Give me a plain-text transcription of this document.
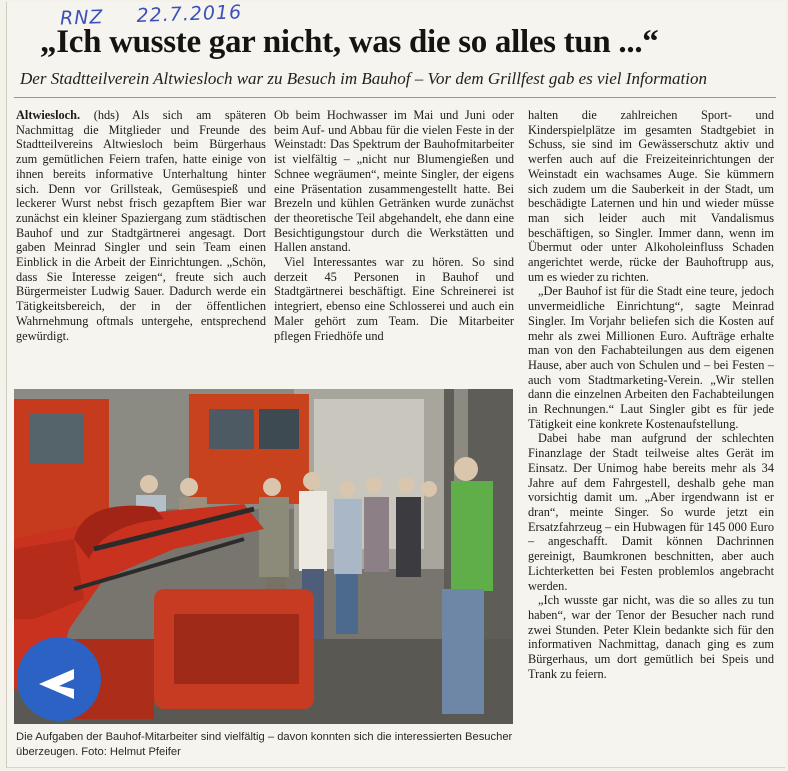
RNZ 22.7.2016
„Ich wusste gar nicht, was die so alles tun ...“
Der Stadtteilverein Altwiesloch war zu Besuch im Bauhof – Vor dem Grillfest gab es viel Information

Altwiesloch. (hds) Als sich am späteren Nachmittag die Mitglieder und Freunde des Stadtteilvereins Altwiesloch beim Bürgerhaus zum gemütlichen Feiern trafen, hatte einige von ihnen bereits informative Unterhaltung hinter sich. Denn vor Grillsteak, Gemüsespieß und leckerer Wurst nebst frisch gezapftem Bier war zunächst ein kleiner Spaziergang zum städtischen Bauhof und zur Stadtgärtnerei angesagt. Dort gaben Meinrad Singler und sein Team einen Einblick in die Arbeit der Einrichtungen. „Schön, dass Sie Interesse zeigen“, freute sich auch Bürgermeister Ludwig Sauer. Dadurch werde ein Tätigkeitsbereich, der in der öffentlichen Wahrnehmung oftmals untergehe, entsprechend gewürdigt.

Ob beim Hochwasser im Mai und Juni oder beim Auf- und Abbau für die vielen Feste in der Weinstadt: Das Spektrum der Bauhofmitarbeiter ist vielfältig – „nicht nur Blumengießen und Schnee wegräumen“, meinte Singler, der eigens eine Präsentation zusammengestellt hatte. Bei Brezeln und kühlen Getränken wurde zunächst der theoretische Teil abgehandelt, ehe dann eine Besichtigungstour durch die Werkstätten und Hallen anstand.

Viel Interessantes war zu hören. So sind derzeit 45 Personen in Bauhof und Stadtgärtnerei beschäftigt. Eine Schreinerei ist integriert, ebenso eine Schlosserei und auch ein Maler gehört zum Team. Die Mitarbeiter pflegen Friedhöfe und

halten die zahlreichen Sport- und Kinderspielplätze im gesamten Stadtgebiet in Schuss, sie sind im Gewässerschutz aktiv und werfen auch auf die Freizeiteinrichtungen der Weinstadt ein wachsames Auge. Sie kümmern sich zudem um die Sauberkeit in der Stadt, um beschädigte Laternen und hin und wieder müsse man sich leider auch mit Vandalismus beschäftigen, so Singler. Immer dann, wenn im Übermut oder unter Alkoholeinfluss Schaden angerichtet werde, rücke der Bauhoftrupp aus, um es wieder zu richten.

„Der Bauhof ist für die Stadt eine teure, jedoch unvermeidliche Einrichtung“, sagte Meinrad Singler. Im Vorjahr beliefen sich die Kosten auf mehr als zwei Millionen Euro. Aufträge erhalte man von den Fachabteilungen aus dem eigenen Hause, aber auch von Schulen und – bei Festen – auch vom Stadtmarketing-Verein. „Wir stellen dann die einzelnen Arbeiten den Fachabteilungen in Rechnungen.“ Laut Singler gibt es für jede Tätigkeit eine konkrete Kostenaufstellung.

Dabei habe man aufgrund der schlechten Finanzlage der Stadt teilweise altes Gerät im Einsatz. Der Unimog habe bereits mehr als 34 Jahre auf dem Fahrgestell, deshalb gehe man vorsichtig damit um. „Aber irgendwann ist er dran“, meinte Singer. So wurde jetzt ein Ersatzfahrzeug – ein Hubwagen für 145 000 Euro – angeschafft. Damit können Dachrinnen gereinigt, Baumkronen beschnitten, aber auch Lichterketten bei Festen problemlos angebracht werden.

„Ich wusste gar nicht, was die so alles zu tun haben“, war der Tenor der Besucher nach rund zwei Stunden. Peter Klein bedankte sich für den informativen Nachmittag, danach ging es zum Bürgerhaus, um dort gemütlich bei Speis und Trank zu feiern.

Die Aufgaben der Bauhof-Mitarbeiter sind vielfältig – davon konnten sich die interessierten Besucher überzeugen. Foto: Helmut Pfeifer
